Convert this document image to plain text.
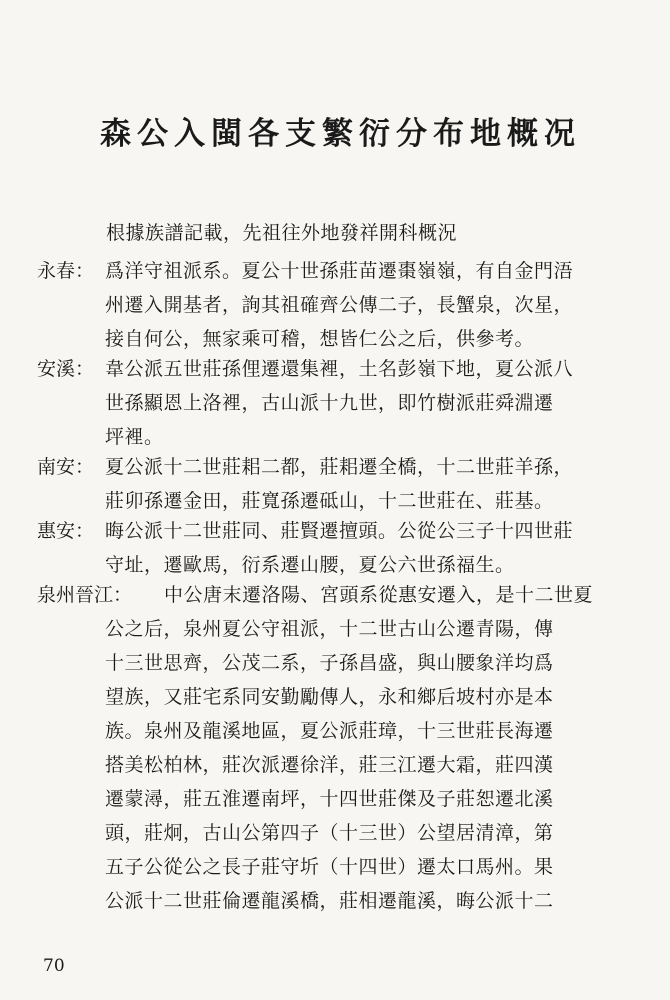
森公入閩各支繁衍分布地概况
根據族譜記載，先祖往外地發祥開科概況
永春： 爲洋守祖派系。夏公十世孫莊苗遷棗嶺嶺，有自金門浯
州遷入開基者，詢其祖確齊公傳二子，長蟹泉，次星，
接自何公，無家乘可稽，想皆仁公之后，供參考。
安溪： 韋公派五世莊孫俚遷還集裡，土名彭嶺下地，夏公派八
世孫顯恩上洛裡，古山派十九世，即竹樹派莊舜淵遷
坪裡。
南安： 夏公派十二世莊耜二都，莊耜遷全橋，十二世莊羊孫，
莊卯孫遷金田，莊寬孫遷砥山，十二世莊在、莊基。
惠安： 晦公派十二世莊同、莊賢遷擅頭。公從公三子十四世莊
守址，遷歐馬，衍系遷山腰，夏公六世孫福生。
泉州晉江： 中公唐末遷洛陽、宮頭系從惠安遷入，是十二世夏
公之后，泉州夏公守祖派，十二世古山公遷青陽，傳
十三世思齊，公茂二系，子孫昌盛，與山腰象洋均爲
望族，又莊宅系同安勤勵傳人，永和鄉后坡村亦是本
族。泉州及龍溪地區，夏公派莊璋，十三世莊長海遷
搭美松柏林，莊次派遷徐洋，莊三江遷大霜，莊四漢
遷蒙潯，莊五淮遷南坪，十四世莊傑及子莊恕遷北溪
頭，莊炯，古山公第四子（十三世）公望居清漳，第
五子公從公之長子莊守圻（十四世）遷太口馬州。果
公派十二世莊倫遷龍溪橋，莊相遷龍溪，晦公派十二
70
